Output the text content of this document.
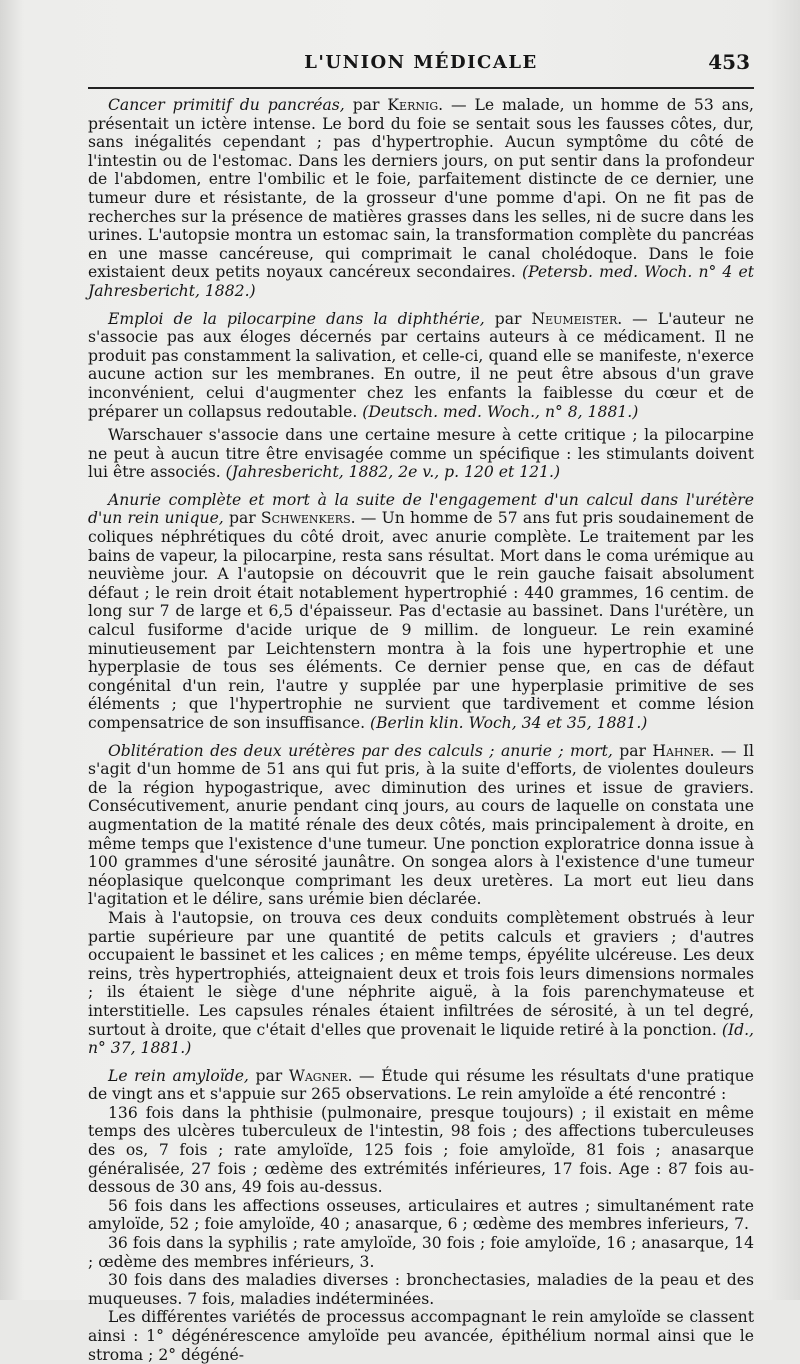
L'UNION MÉDICALE	453

Cancer primitif du pancréas, par Kernig. — Le malade, un homme de 53 ans, présentait un ictère intense. Le bord du foie se sentait sous les fausses côtes, dur, sans inégalités cependant ; pas d'hypertrophie. Aucun symptôme du côté de l'intestin ou de l'estomac. Dans les derniers jours, on put sentir dans la profondeur de l'abdomen, entre l'ombilic et le foie, parfaitement distincte de ce dernier, une tumeur dure et résistante, de la grosseur d'une pomme d'api. On ne fit pas de recherches sur la présence de matières grasses dans les selles, ni de sucre dans les urines. L'autopsie montra un estomac sain, la transformation complète du pancréas en une masse cancéreuse, qui comprimait le canal cholédoque. Dans le foie existaient deux petits noyaux cancéreux secondaires. (Petersb. med. Woch. n° 4 et Jahresbericht, 1882.)

Emploi de la pilocarpine dans la diphthérie, par Neumeister. — L'auteur ne s'associe pas aux éloges décernés par certains auteurs à ce médicament. Il ne produit pas constamment la salivation, et celle-ci, quand elle se manifeste, n'exerce aucune action sur les membranes. En outre, il ne peut être absous d'un grave inconvénient, celui d'augmenter chez les enfants la faiblesse du cœur et de préparer un collapsus redoutable. (Deutsch. med. Woch., n° 8, 1881.)

Warschauer s'associe dans une certaine mesure à cette critique ; la pilocarpine ne peut à aucun titre être envisagée comme un spécifique : les stimulants doivent lui être associés. (Jahresbericht, 1882, 2e v., p. 120 et 121.)

Anurie complète et mort à la suite de l'engagement d'un calcul dans l'urétère d'un rein unique, par Schwenkers. — Un homme de 57 ans fut pris soudainement de coliques néphrétiques du côté droit, avec anurie complète. Le traitement par les bains de vapeur, la pilocarpine, resta sans résultat. Mort dans le coma urémique au neuvième jour. A l'autopsie on découvrit que le rein gauche faisait absolument défaut ; le rein droit était notablement hypertrophié : 440 grammes, 16 centim. de long sur 7 de large et 6,5 d'épaisseur. Pas d'ectasie au bassinet. Dans l'urétère, un calcul fusiforme d'acide urique de 9 millim. de longueur. Le rein examiné minutieusement par Leichtenstern montra à la fois une hypertrophie et une hyperplasie de tous ses éléments. Ce dernier pense que, en cas de défaut congénital d'un rein, l'autre y supplée par une hyperplasie primitive de ses éléments ; que l'hypertrophie ne survient que tardivement et comme lésion compensatrice de son insuffisance. (Berlin klin. Woch, 34 et 35, 1881.)

Oblitération des deux urétères par des calculs ; anurie ; mort, par Hahner. — Il s'agit d'un homme de 51 ans qui fut pris, à la suite d'efforts, de violentes douleurs de la région hypogastrique, avec diminution des urines et issue de graviers. Consécutivement, anurie pendant cinq jours, au cours de laquelle on constata une augmentation de la matité rénale des deux côtés, mais principalement à droite, en même temps que l'existence d'une tumeur. Une ponction exploratrice donna issue à 100 grammes d'une sérosité jaunâtre. On songea alors à l'existence d'une tumeur néoplasique quelconque comprimant les deux uretères. La mort eut lieu dans l'agitation et le délire, sans urémie bien déclarée.

Mais à l'autopsie, on trouva ces deux conduits complètement obstrués à leur partie supérieure par une quantité de petits calculs et graviers ; d'autres occupaient le bassinet et les calices ; en même temps, épyélite ulcéreuse. Les deux reins, très hypertrophiés, atteignaient deux et trois fois leurs dimensions normales ; ils étaient le siège d'une néphrite aiguë, à la fois parenchymateuse et interstitielle. Les capsules rénales étaient infiltrées de sérosité, à un tel degré, surtout à droite, que c'était d'elles que provenait le liquide retiré à la ponction. (Id., n° 37, 1881.)

Le rein amyloïde, par Wagner. — Étude qui résume les résultats d'une pratique de vingt ans et s'appuie sur 265 observations. Le rein amyloïde a été rencontré :

136 fois dans la phthisie (pulmonaire, presque toujours) ; il existait en même temps des ulcères tuberculeux de l'intestin, 98 fois ; des affections tuberculeuses des os, 7 fois ; rate amyloïde, 125 fois ; foie amyloïde, 81 fois ; anasarque généralisée, 27 fois ; œdème des extrémités inférieures, 17 fois. Age : 87 fois au-dessous de 30 ans, 49 fois au-dessus.

56 fois dans les affections osseuses, articulaires et autres ; simultanément rate amyloïde, 52 ; foie amyloïde, 40 ; anasarque, 6 ; œdème des membres inferieurs, 7.

36 fois dans la syphilis ; rate amyloïde, 30 fois ; foie amyloïde, 16 ; anasarque, 14 ; œdème des membres inférieurs, 3.

30 fois dans des maladies diverses : bronchectasies, maladies de la peau et des muqueuses. 7 fois, maladies indéterminées.

Les différentes variétés de processus accompagnant le rein amyloïde se classent ainsi : 1° dégénérescence amyloïde peu avancée, épithélium normal ainsi que le stroma ; 2° dégéné-
